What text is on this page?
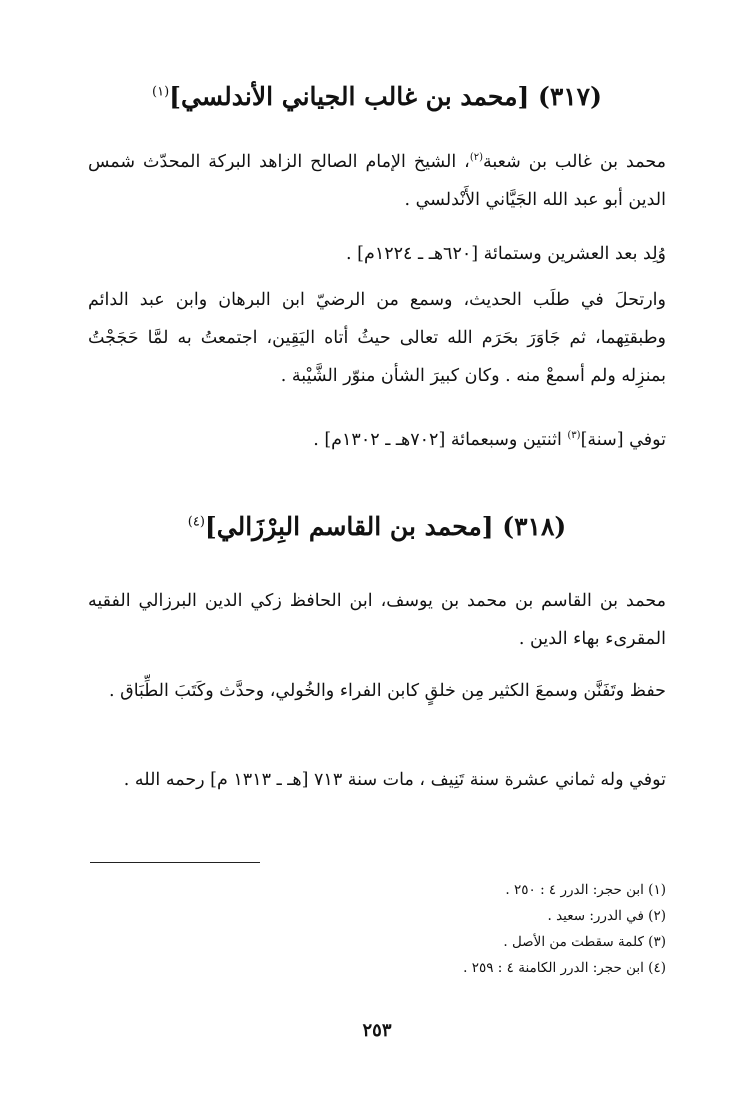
(٣١٧) [محمد بن غالب الجياني الأندلسي]$^{(١)}$
محمد بن غالب بن شعبة$^{(٢)}$، الشيخ الإمام الصالح الزاهد البركة المحدّث شمس الدين أبو عبد الله الجَيَّاني الأَنْدلسي .
وُلِد بعد العشرين وستمائة [٦٢٠هـ ـ ١٢٢٤م] .
وارتحلَ في طلَب الحديث، وسمع من الرضيّ ابن البرهان وابن عبد الدائم وطبقتِهما، ثم جَاوَرَ بحَرَم الله تعالى حيثُ أتاه اليَقِين، اجتمعتُ به لمَّا حَجَجْتُ بمنزِله ولم أسمعْ منه . وكان كبيرَ الشأن منوّر الشَّيْبة .
توفي [سنة]$^{(٣)}$ اثنتين وسبعمائة [٧٠٢هـ ـ ١٣٠٢م] .
(٣١٨) [محمد بن القاسم البِرْزَالي]$^{(٤)}$
محمد بن القاسم بن محمد بن يوسف، ابن الحافظ زكي الدين البرزالي الفقيه المقرىء بهاء الدين .
حفظ وتَفَنَّن وسمعَ الكثير مِن خلقٍ كابن الفراء والخُولي، وحدَّث وكَتَبَ الطِّبَاق .
توفي وله ثماني عشرة سنة تَنِيف ، مات سنة ٧١٣ [هـ ـ ١٣١٣ م] رحمه الله .
(١) ابن حجر: الدرر ٤ : ٢٥٠ .
(٢) في الدرر: سعيد .
(٣) كلمة سقطت من الأصل .
(٤) ابن حجر: الدرر الكامنة ٤ : ٢٥٩ .
٢٥٣
